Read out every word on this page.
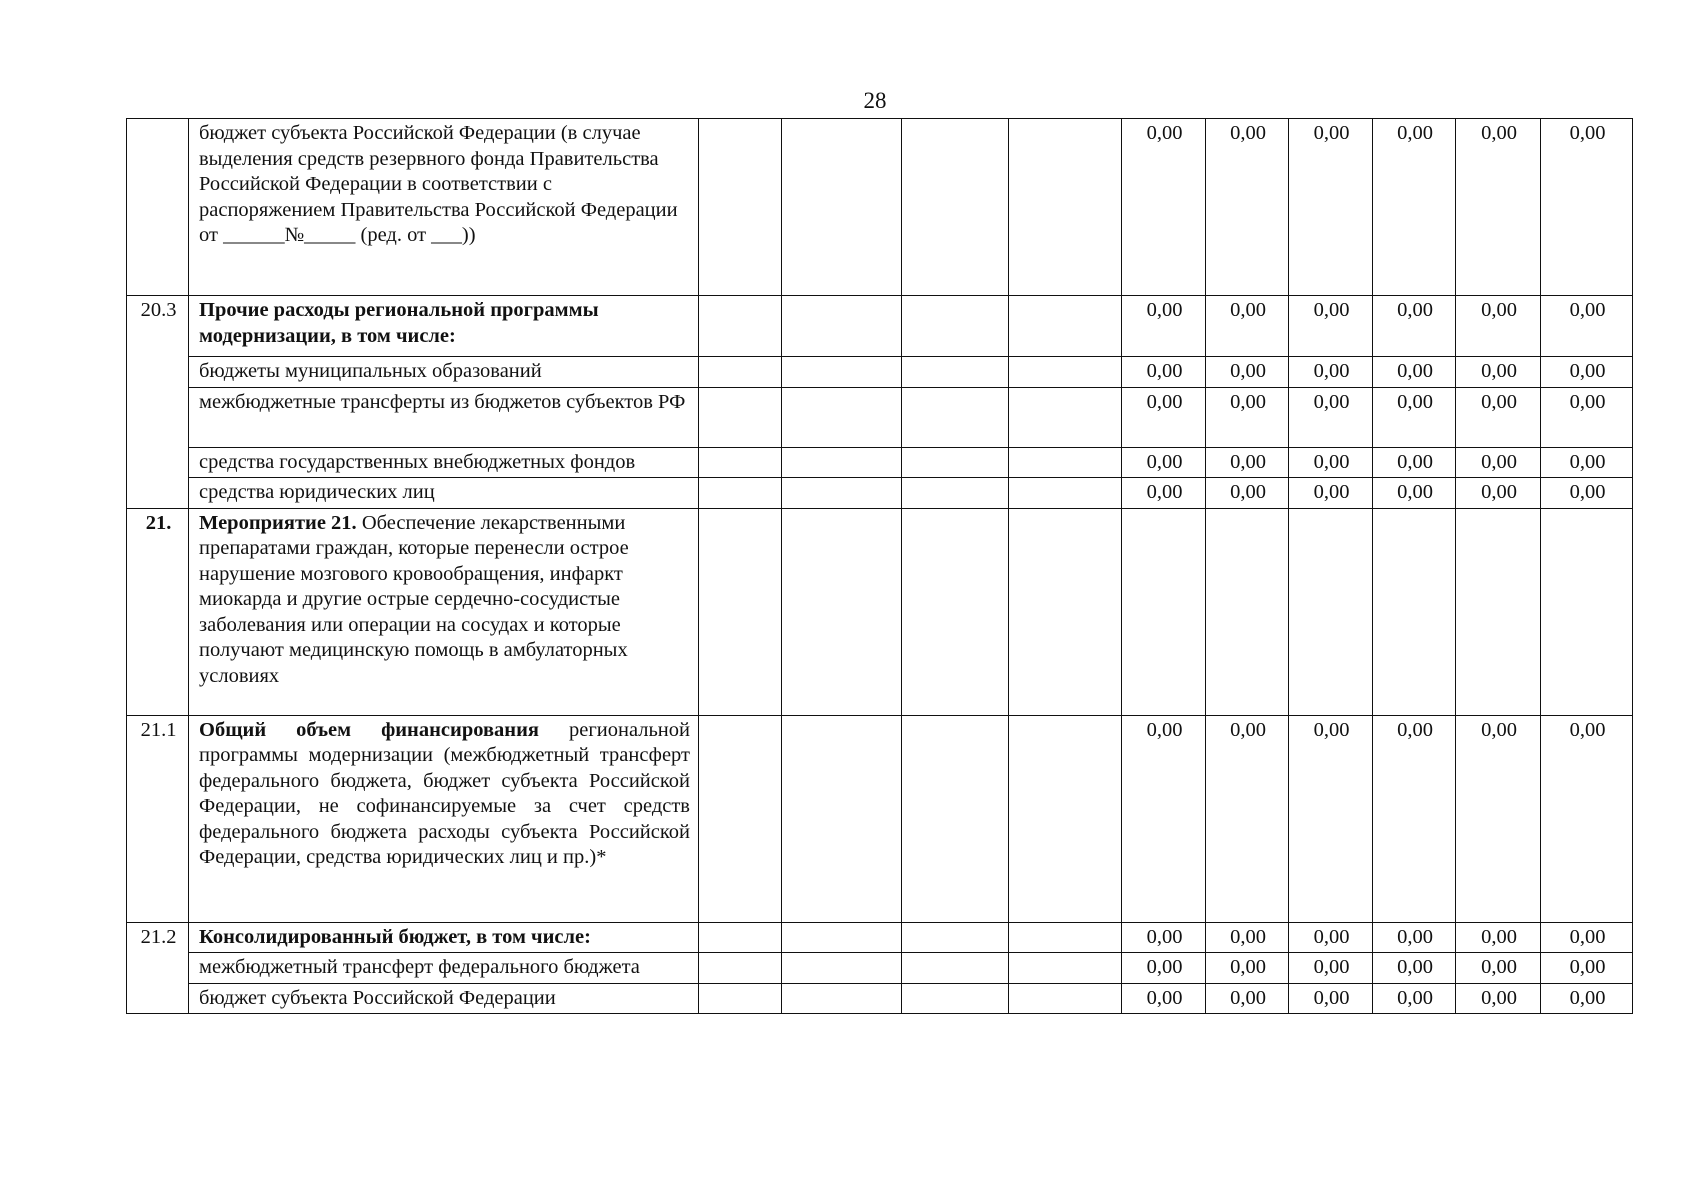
28
	бюджет субъекта Российской Федерации (в случае выделения средств резервного фонда Правительства Российской Федерации в соответствии с распоряжением Правительства Российской Федерации от ______№_____ (ред. от ___))					0,00	0,00	0,00	0,00	0,00	0,00
20.3	Прочие расходы региональной программы модернизации, в том числе:					0,00	0,00	0,00	0,00	0,00	0,00
	бюджеты муниципальных образований					0,00	0,00	0,00	0,00	0,00	0,00
	межбюджетные трансферты из бюджетов субъектов РФ					0,00	0,00	0,00	0,00	0,00	0,00
	средства государственных внебюджетных фондов					0,00	0,00	0,00	0,00	0,00	0,00
	средства юридических лиц					0,00	0,00	0,00	0,00	0,00	0,00
21.	Мероприятие 21. Обеспечение лекарственными препаратами граждан, которые перенесли острое нарушение мозгового кровообращения, инфаркт миокарда и другие острые сердечно-сосудистые заболевания или операции на сосудах и которые получают медицинскую помощь в амбулаторных условиях										
21.1	Общий объем финансирования региональной программы модернизации (межбюджетный трансферт федерального бюджета, бюджет субъекта Российской Федерации, не софинансируемые за счет средств федерального бюджета расходы субъекта Российской Федерации, средства юридических лиц и пр.)*					0,00	0,00	0,00	0,00	0,00	0,00
21.2	Консолидированный бюджет, в том числе:					0,00	0,00	0,00	0,00	0,00	0,00
	межбюджетный трансферт федерального бюджета					0,00	0,00	0,00	0,00	0,00	0,00
	бюджет субъекта Российской Федерации					0,00	0,00	0,00	0,00	0,00	0,00
